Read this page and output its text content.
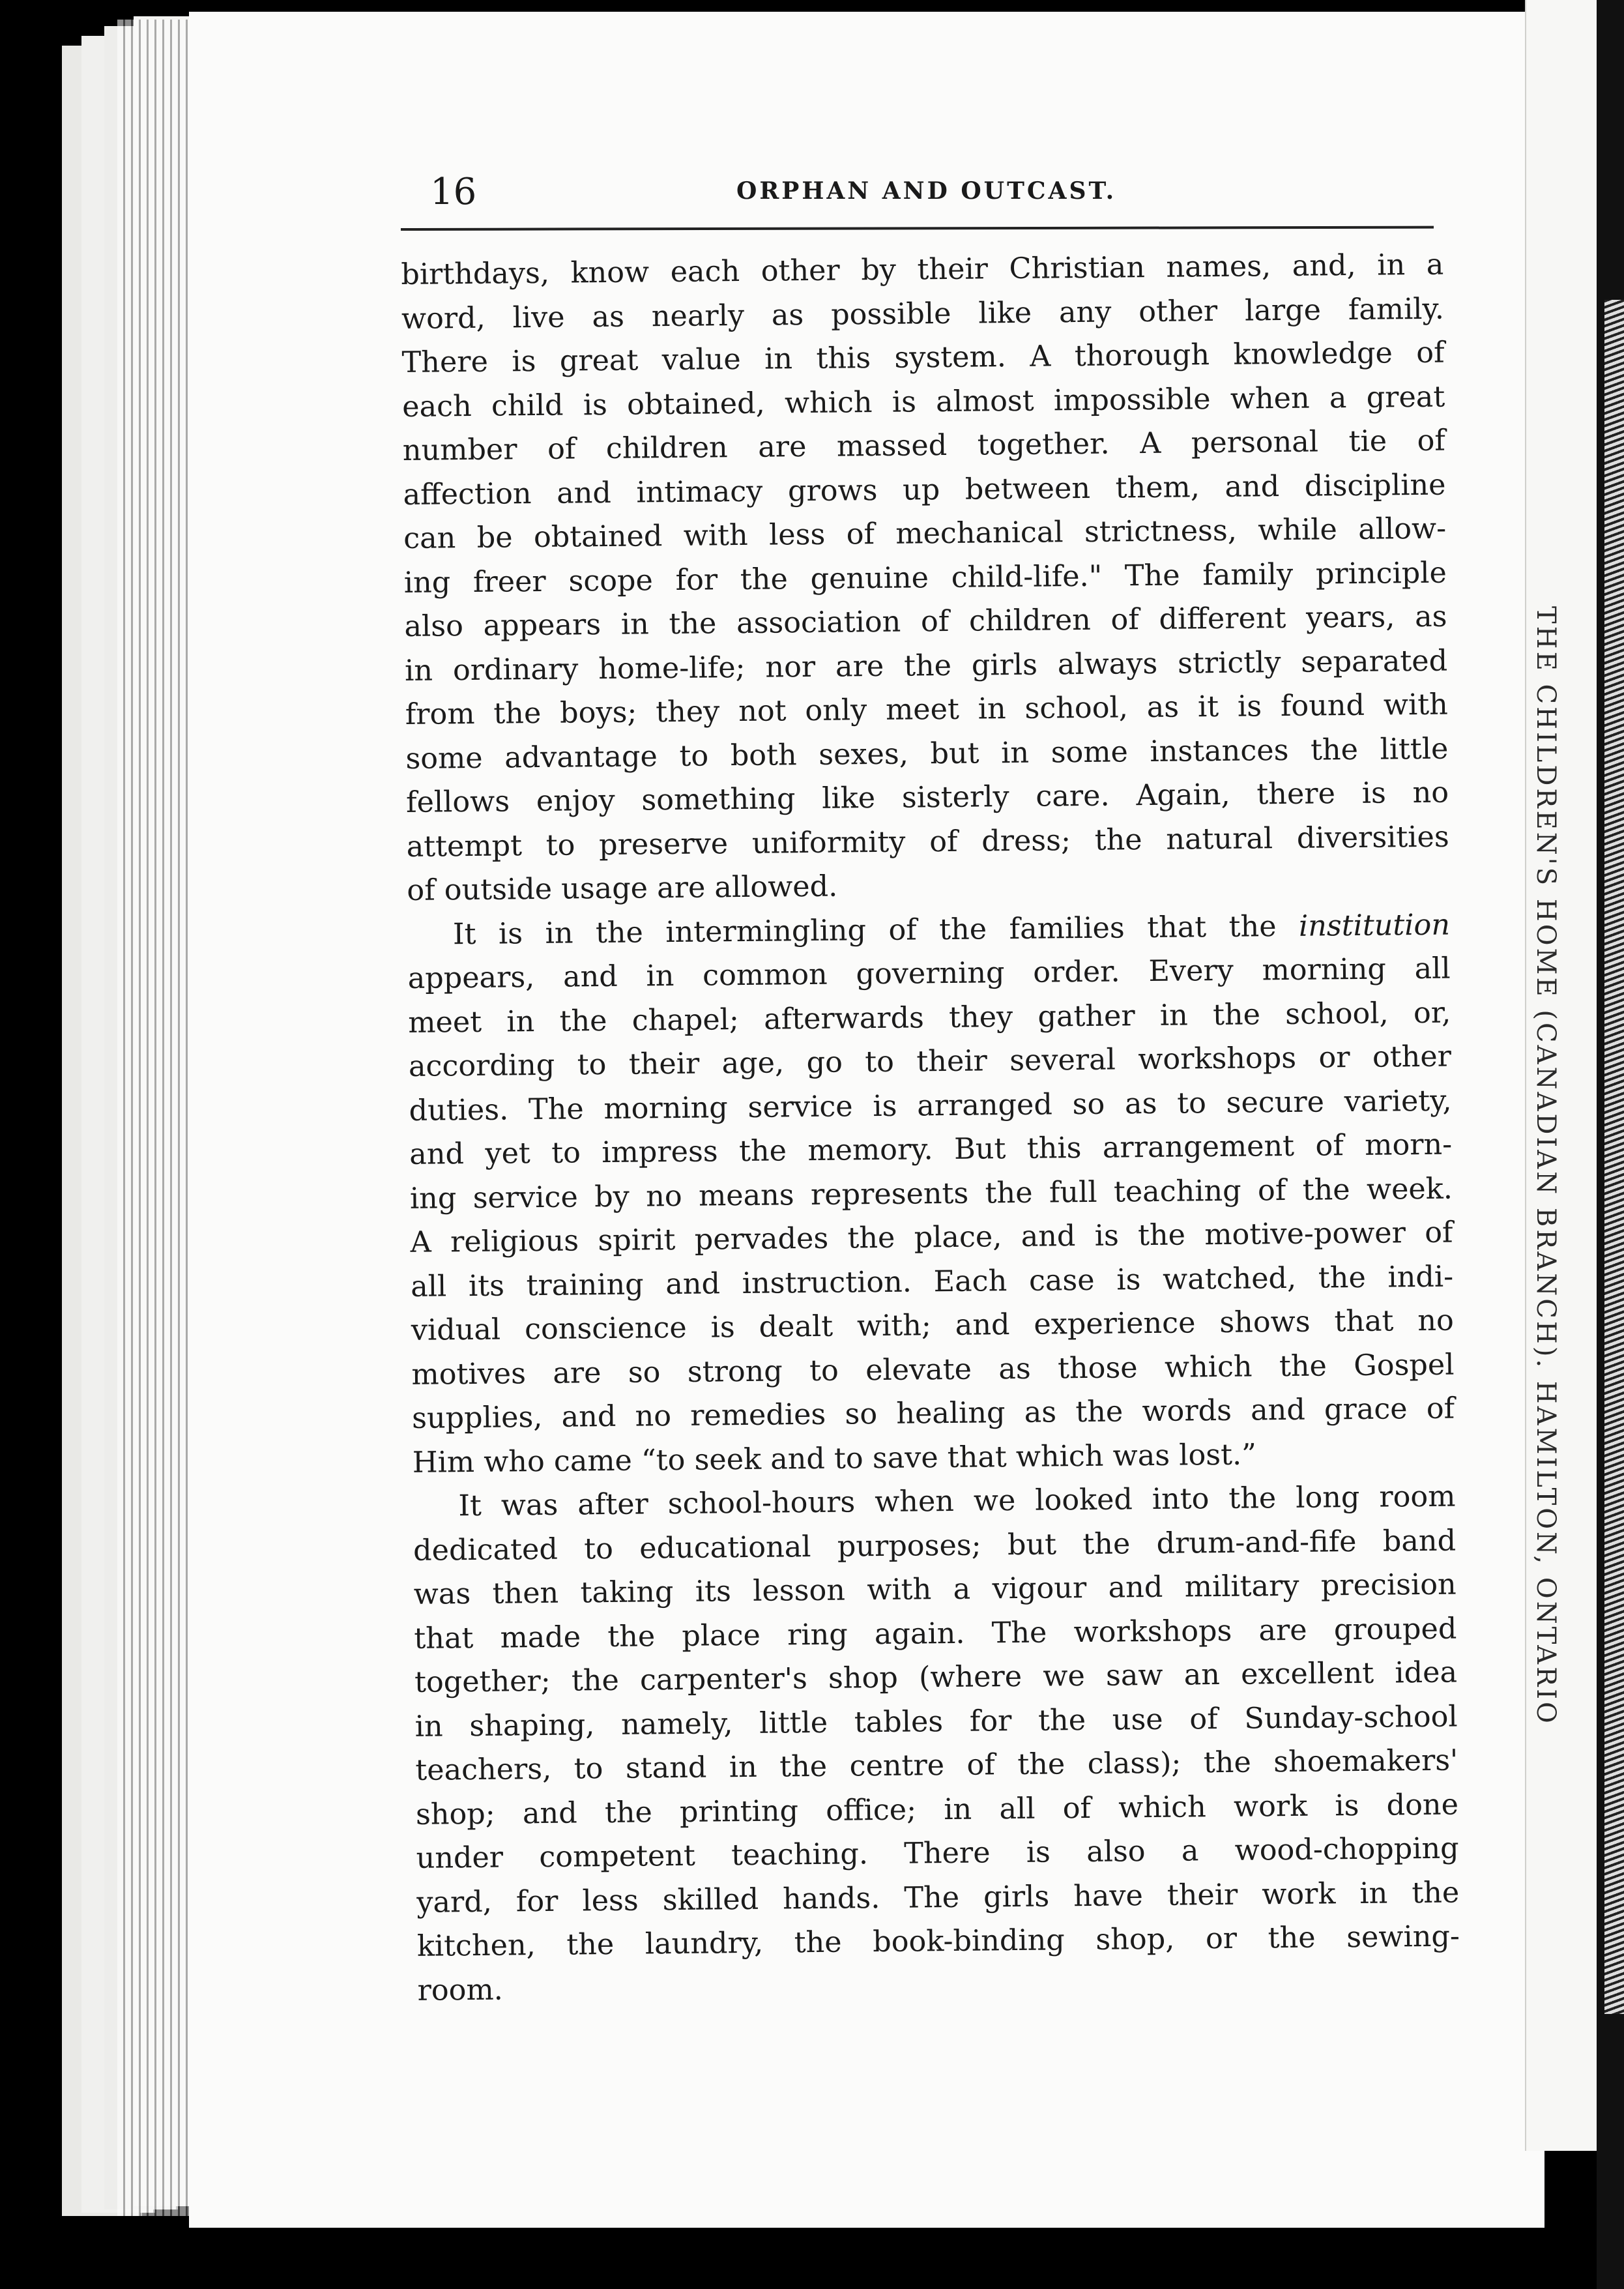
THE CHILDREN'S HOME (CANADIAN BRANCH). HAMILTON, ONTARIO
16	ORPHAN AND OUTCAST.
birthdays, know each other by their Christian names, and, in a
word, live as nearly as possible like any other large family.
There is great value in this system. A thorough knowledge of
each child is obtained, which is almost impossible when a great
number of children are massed together. A personal tie of
affection and intimacy grows up between them, and discipline
can be obtained with less of mechanical strictness, while allow-
ing freer scope for the genuine child-life." The family principle
also appears in the association of children of different years, as
in ordinary home-life; nor are the girls always strictly separated
from the boys; they not only meet in school, as it is found with
some advantage to both sexes, but in some instances the little
fellows enjoy something like sisterly care. Again, there is no
attempt to preserve uniformity of dress; the natural diversities
of outside usage are allowed.
It is in the intermingling of the families that the institution
appears, and in common governing order. Every morning all
meet in the chapel; afterwards they gather in the school, or,
according to their age, go to their several workshops or other
duties. The morning service is arranged so as to secure variety,
and yet to impress the memory. But this arrangement of morn-
ing service by no means represents the full teaching of the week.
A religious spirit pervades the place, and is the motive-power of
all its training and instruction. Each case is watched, the indi-
vidual conscience is dealt with; and experience shows that no
motives are so strong to elevate as those which the Gospel
supplies, and no remedies so healing as the words and grace of
Him who came “to seek and to save that which was lost.”
It was after school-hours when we looked into the long room
dedicated to educational purposes; but the drum-and-fife band
was then taking its lesson with a vigour and military precision
that made the place ring again. The workshops are grouped
together; the carpenter's shop (where we saw an excellent idea
in shaping, namely, little tables for the use of Sunday-school
teachers, to stand in the centre of the class); the shoemakers'
shop; and the printing office; in all of which work is done
under competent teaching. There is also a wood-chopping
yard, for less skilled hands. The girls have their work in the
kitchen, the laundry, the book-binding shop, or the sewing-
room.
